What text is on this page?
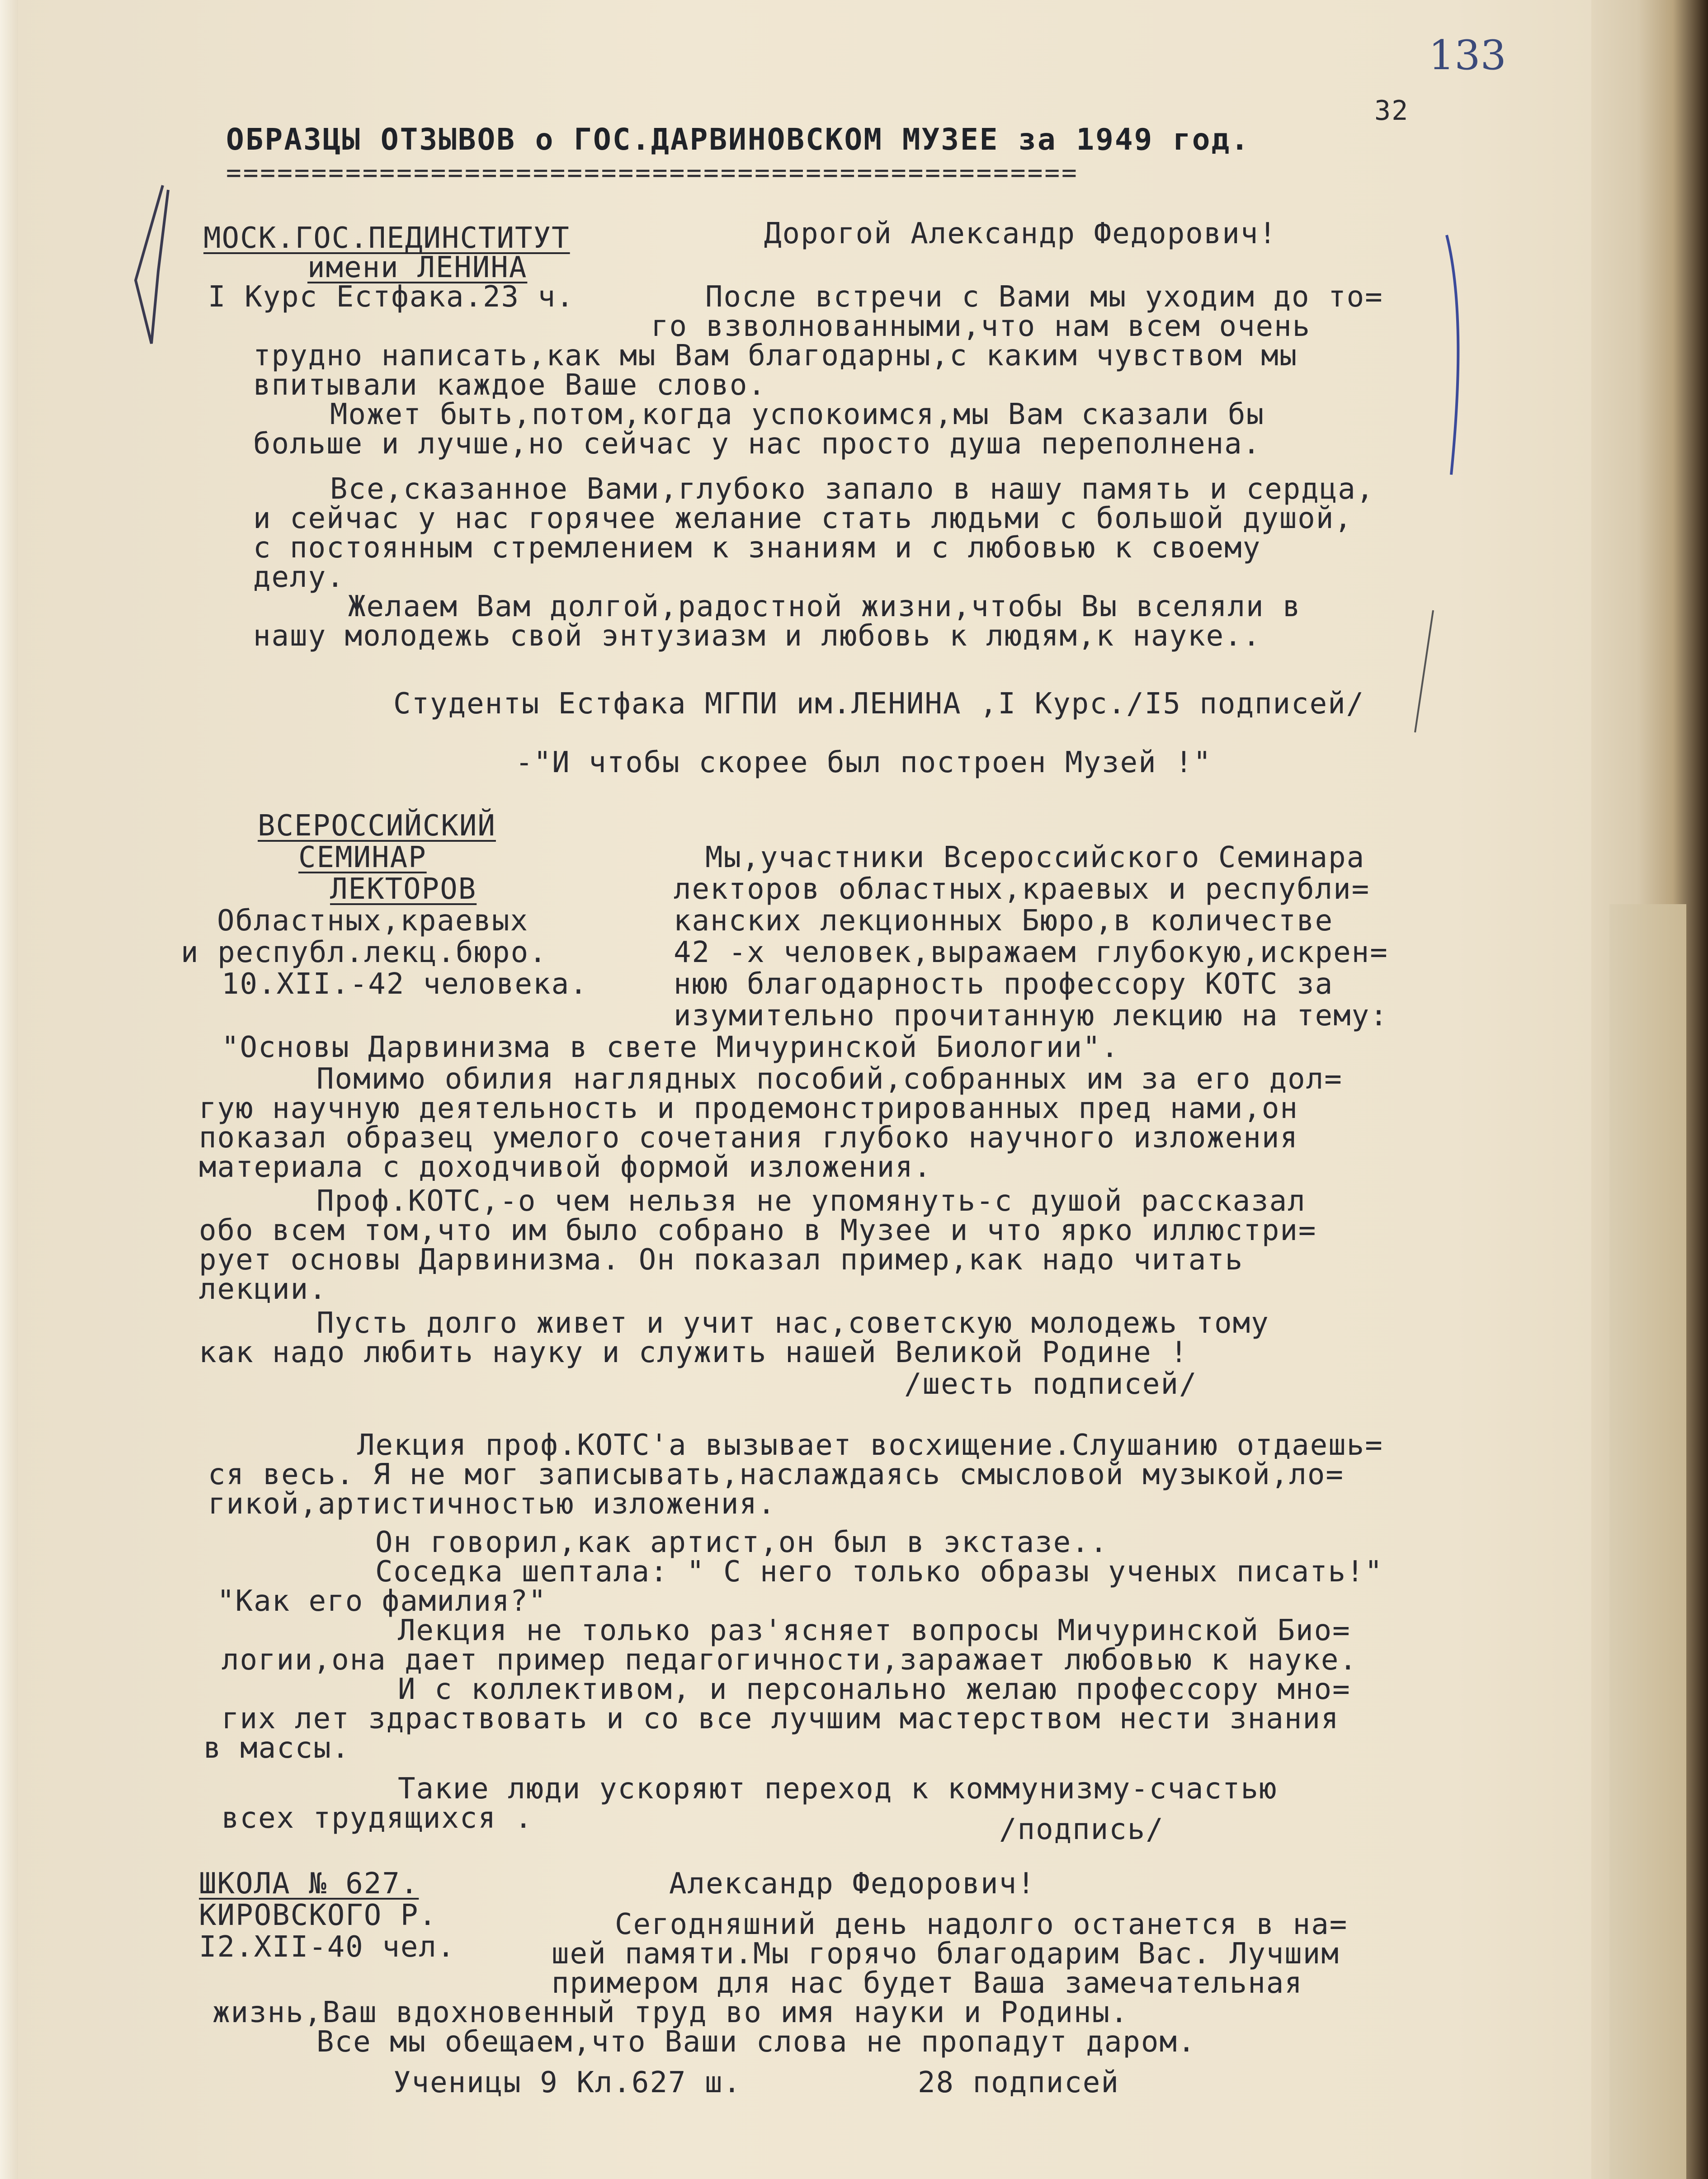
133
32
ОБРАЗЦЫ ОТЗЫВОВ о ГОС.ДАРВИНОВСКОМ МУЗЕЕ за 1949 год.
==================================================
МОСК.ГОС.ПЕДИНСТИТУТ
имени ЛЕНИНА
I Курс Естфака.23 ч.
Дорогой Александр Федорович!
После встречи с Вами мы уходим до то=
го взволнованными,что нам всем очень
трудно написать,как мы Вам благодарны,с каким чувством мы
впитывали каждое Ваше слово.
Может быть,потом,когда успокоимся,мы Вам сказали бы
больше и лучше,но сейчас у нас просто душа переполнена.
Все,сказанное Вами,глубоко запало в нашу память и сердца,
и сейчас у нас горячее желание стать людьми с большой душой,
с постоянным стремлением к знаниям и с любовью к своему
делу.
Желаем Вам долгой,радостной жизни,чтобы Вы вселяли в
нашу молодежь свой энтузиазм и любовь к людям,к науке..
Студенты Естфака МГПИ им.ЛЕНИНА ,I Курс./I5 подписей/
-"И чтобы скорее был построен Музей !"
ВСЕРОССИЙСКИЙ
СЕМИНАР
ЛЕКТОРОВ
Областных,краевых
и республ.лекц.бюро.
10.XII.-42 человека.
Мы,участники Всероссийского Семинара
лекторов областных,краевых и республи=
канских лекционных Бюро,в количестве
42 -х человек,выражаем глубокую,искрен=
нюю благодарность профессору КОТС за
изумительно прочитанную лекцию на тему:
"Основы Дарвинизма в свете Мичуринской Биологии".
Помимо обилия наглядных пособий,собранных им за его дол=
гую научную деятельность и продемонстрированных пред нами,он
показал образец умелого сочетания глубоко научного изложения
материала с доходчивой формой изложения.
Проф.КОТС,-о чем нельзя не упомянуть-с душой рассказал
обо всем том,что им было собрано в Музее и что ярко иллюстри=
рует основы Дарвинизма. Он показал пример,как надо читать
лекции.
Пусть долго живет и учит нас,советскую молодежь тому
как надо любить науку и служить нашей Великой Родине !
/шесть подписей/
Лекция проф.КОТС'а вызывает восхищение.Слушанию отдаешь=
ся весь. Я не мог записывать,наслаждаясь смысловой музыкой,ло=
гикой,артистичностью изложения.
Он говорил,как артист,он был в экстазе..
Соседка шептала: " С него только образы ученых писать!"
"Как его фамилия?"
Лекция не только раз'ясняет вопросы Мичуринской Био=
логии,она дает пример педагогичности,заражает любовью к науке.
И с коллективом, и персонально желаю профессору мно=
гих лет здраствовать и со все лучшим мастерством нести знания
в массы.
Такие люди ускоряют переход к коммунизму-счастью
всех трудящихся .	/подпись/
ШКОЛА № 627.
КИРОВСКОГО Р.
I2.XII-40 чел.
Александр Федорович!
Сегодняшний день надолго останется в на=
шей памяти.Мы горячо благодарим Вас. Лучшим
примером для нас будет Ваша замечательная
жизнь,Ваш вдохновенный труд во имя науки и Родины.
Все мы обещаем,что Ваши слова не пропадут даром.
Ученицы 9 Кл.627 ш.	28 подписей
